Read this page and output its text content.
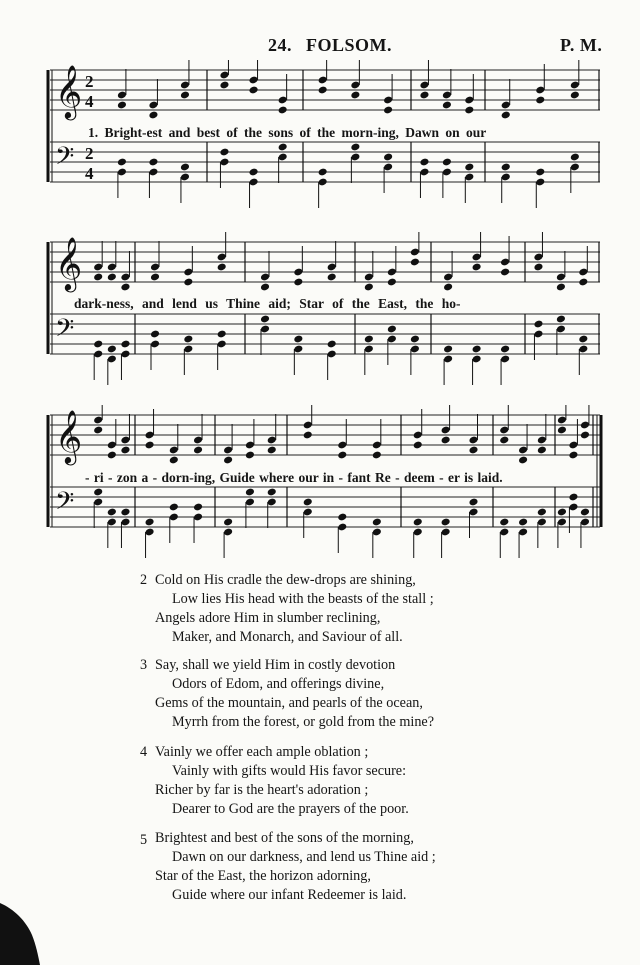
24. FOLSOM.	P. M.
𝄞 2
4
𝄢 2
4
1. Bright-est and best of the sons of the morn-ing, Dawn on our
𝄞
𝄢
dark-ness, and lend us Thine aid; Star of the East, the ho-
𝄞
𝄢
- ri - zon a - dorn-ing, Guide where our in - fant Re - deem - er is laid.
2 Cold on His cradle the dew-drops are shining,
Low lies His head with the beasts of the stall ;
Angels adore Him in slumber reclining,
Maker, and Monarch, and Saviour of all.
3 Say, shall we yield Him in costly devotion
Odors of Edom, and offerings divine,
Gems of the mountain, and pearls of the ocean,
Myrrh from the forest, or gold from the mine?
4 Vainly we offer each ample oblation ;
Vainly with gifts would His favor secure:
Richer by far is the heart's adoration ;
Dearer to God are the prayers of the poor.
5 Brightest and best of the sons of the morning,
Dawn on our darkness, and lend us Thine aid ;
Star of the East, the horizon adorning,
Guide where our infant Redeemer is laid.
